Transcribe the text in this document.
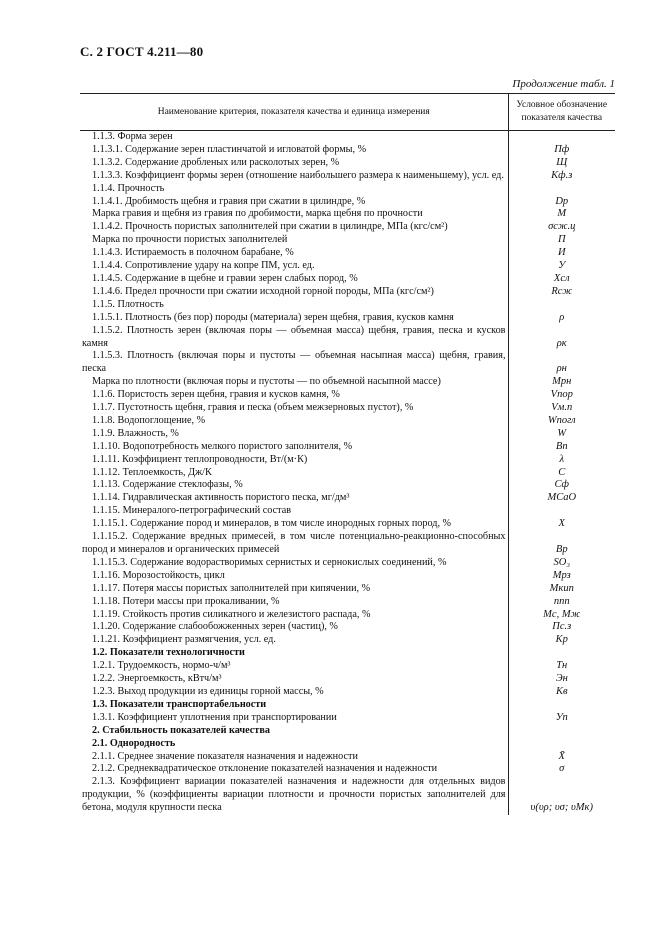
С. 2 ГОСТ 4.211—80
Продолжение табл. 1
Наименование критерия, показателя качества и единица измерения	Условное обозначение показателя качества
1.1.3. Форма зерен	
1.1.3.1. Содержание зерен пластинчатой и игловатой формы, %	Пф
1.1.3.2. Содержание дробленых или расколотых зерен, %	Щ
1.1.3.3. Коэффициент формы зерен (отношение наибольшего размера к наименьшему), усл. ед.	Kф.з
1.1.4. Прочность	
1.1.4.1. Дробимость щебня и гравия при сжатии в цилиндре, %	Dр
Марка гравия и щебня из гравия по дробимости, марка щебня по прочности	М
1.1.4.2. Прочность пористых заполнителей при сжатии в цилиндре, МПа (кгс/см²)	σсж.ц
Марка по прочности пористых заполнителей	П
1.1.4.3. Истираемость в полочном барабане, %	И
1.1.4.4. Сопротивление удару на копре ПМ, усл. ед.	У
1.1.4.5. Содержание в щебне и гравии зерен слабых пород, %	Xсл
1.1.4.6. Предел прочности при сжатии исходной горной породы, МПа (кгс/см²)	Rсж
1.1.5. Плотность	
1.1.5.1. Плотность (без пор) породы (материала) зерен щебня, гравия, кусков камня	ρ
1.1.5.2. Плотность зерен (включая поры — объемная масса) щебня, гравия, песка и кусков камня	ρк
1.1.5.3. Плотность (включая поры и пустоты — объемная насыпная масса) щебня, гравия, песка	ρн
Марка по плотности (включая поры и пустоты — по объемной насыпной массе)	Мрн
1.1.6. Пористость зерен щебня, гравия и кусков камня, %	Vпор
1.1.7. Пустотность щебня, гравия и песка (объем межзерновых пустот), %	Vм.п
1.1.8. Водопоглощение, %	Wпогл
1.1.9. Влажность, %	W
1.1.10. Водопотребность мелкого пористого заполнителя, %	Bп
1.1.11. Коэффициент теплопроводности, Вт/(м·К)	λ
1.1.12. Теплоемкость, Дж/К	C
1.1.13. Содержание стеклофазы, %	Cф
1.1.14. Гидравлическая активность пористого песка, мг/дм³	MCaO
1.1.15. Минералого-петрографический состав	
1.1.15.1. Содержание пород и минералов, в том числе инородных горных пород, %	X
1.1.15.2. Содержание вредных примесей, в том числе потенциально-реакционно-способных пород и минералов и органических примесей	Bp
1.1.15.3. Содержание водорастворимых сернистых и сернокислых соединений, %	SO₃
1.1.16. Морозостойкость, цикл	Mрз
1.1.17. Потеря массы пористых заполнителей при кипячении, %	Mкип
1.1.18. Потери массы при прокаливании, %	ппп
1.1.19. Стойкость против силикатного и железистого распада, %	Mс, Mж
1.1.20. Содержание слабообожженных зерен (частиц), %	Пс.з
1.1.21. Коэффициент размягчения, усл. ед.	Kр
1.2. Показатели технологичности	
1.2.1. Трудоемкость, нормо-ч/м³	Tн
1.2.2. Энергоемкость, кВтч/м³	Эн
1.2.3. Выход продукции из единицы горной массы, %	Kв
1.3. Показатели транспортабельности	
1.3.1. Коэффициент уплотнения при транспортировании	Уп
2. Стабильность показателей качества	
2.1. Однородность	
2.1.1. Среднее значение показателя назначения и надежности	X̄
2.1.2. Среднеквадратическое отклонение показателей назначения и надежности	σ
2.1.3. Коэффициент вариации показателей назначения и надежности для отдельных видов продукции, % (коэффициенты вариации плотности и прочности пористых заполнителей для бетона, модуля крупности песка	υ(υρ; υσ; υMк)
